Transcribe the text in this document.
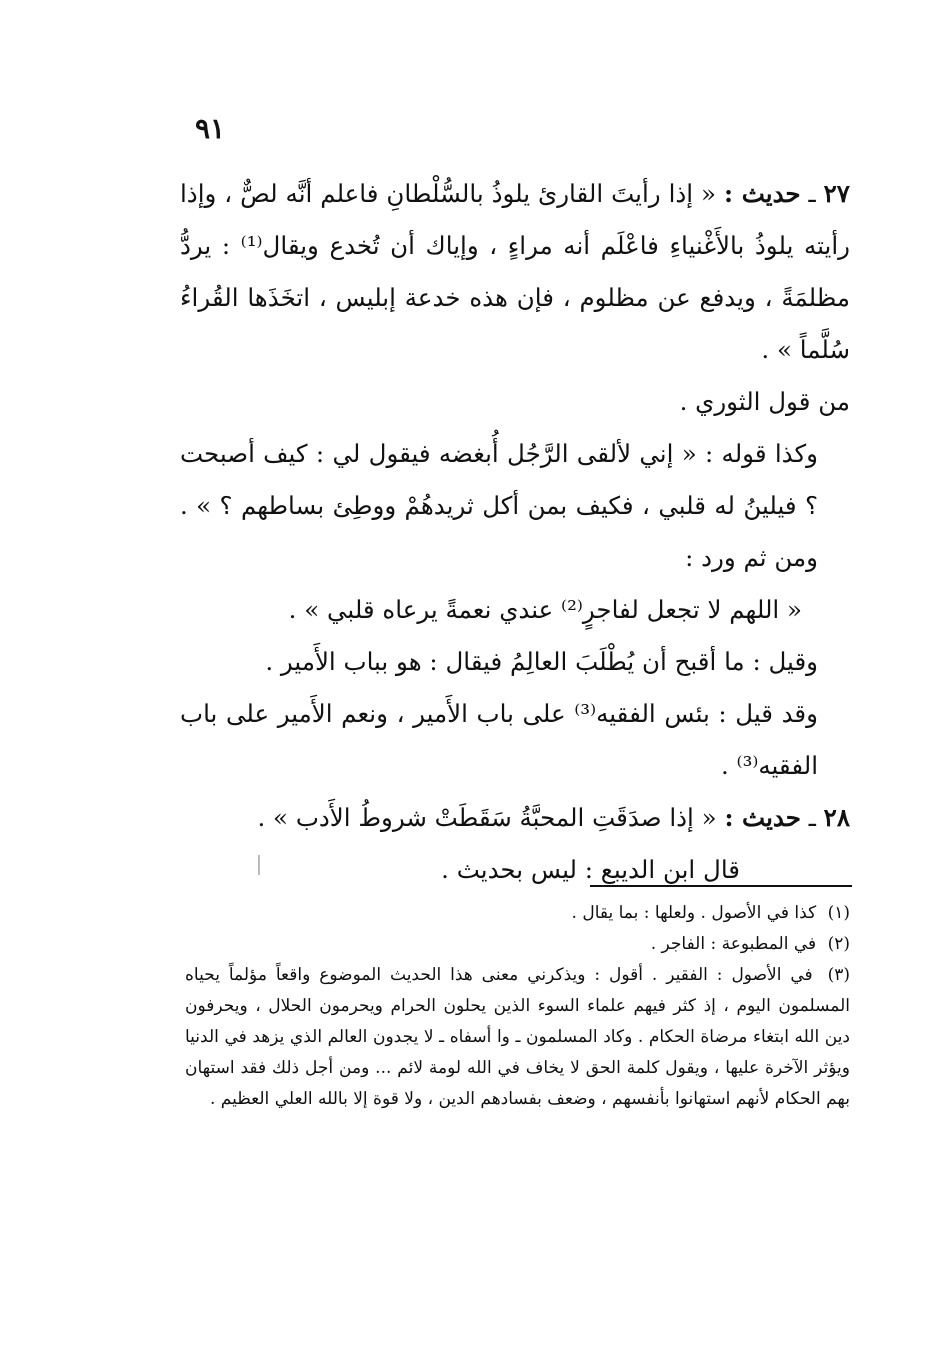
٩١

٢٧ ـ حديث : « إذا رأيتَ القارئ يلوذُ بالسُّلْطانِ فاعلم أنَّه لصٌّ ، وإذا رأيته يلوذُ بالأَغْنياءِ فاعْلَم أنه مراءٍ ، وإياك أن تُخدع ويقال⁽¹⁾ : يردُّ مظلمَةً ، ويدفع عن مظلوم ، فإن هذه خدعة إبليس ، اتخَذَها القُراءُ سُلَّماً » .

من قول الثوري .

وكذا قوله : « إني لألقى الرَّجُل أُبغضه فيقول لي : كيف أصبحت ؟ فيلينُ له قلبي ، فكيف بمن أكل ثريدهُمْ ووطِئ بساطهم ؟ » . ومن ثم ورد :

« اللهم لا تجعل لفاجرٍ⁽²⁾ عندي نعمةً يرعاه قلبي » .

وقيل : ما أقبح أن يُطْلَبَ العالِمُ فيقال : هو بباب الأَمير .

وقد قيل : بئس الفقيه⁽³⁾ على باب الأَمير ، ونعم الأَمير على باب الفقيه⁽³⁾ .

٢٨ ـ حديث : « إذا صدَقَتِ المحبَّةُ سَقَطَتْ شروطُ الأَدب » .

قال ابن الديبع : ليس بحديث .

(١) كذا في الأصول . ولعلها : بما يقال .

(٢) في المطبوعة : الفاجر .

(٣) في الأصول : الفقير . أقول : ويذكرني معنى هذا الحديث الموضوع واقعاً مؤلماً يحياه المسلمون اليوم ، إذ كثر فيهم علماء السوء الذين يحلون الحرام ويحرمون الحلال ، ويحرفون دين الله ابتغاء مرضاة الحكام . وكاد المسلمون ـ وا أسفاه ـ لا يجدون العالم الذي يزهد في الدنيا ويؤثر الآخرة عليها ، ويقول كلمة الحق لا يخاف في الله لومة لائم ... ومن أجل ذلك فقد استهان بهم الحكام لأنهم استهانوا بأنفسهم ، وضعف بفسادهم الدين ، ولا قوة إلا بالله العلي العظيم .
